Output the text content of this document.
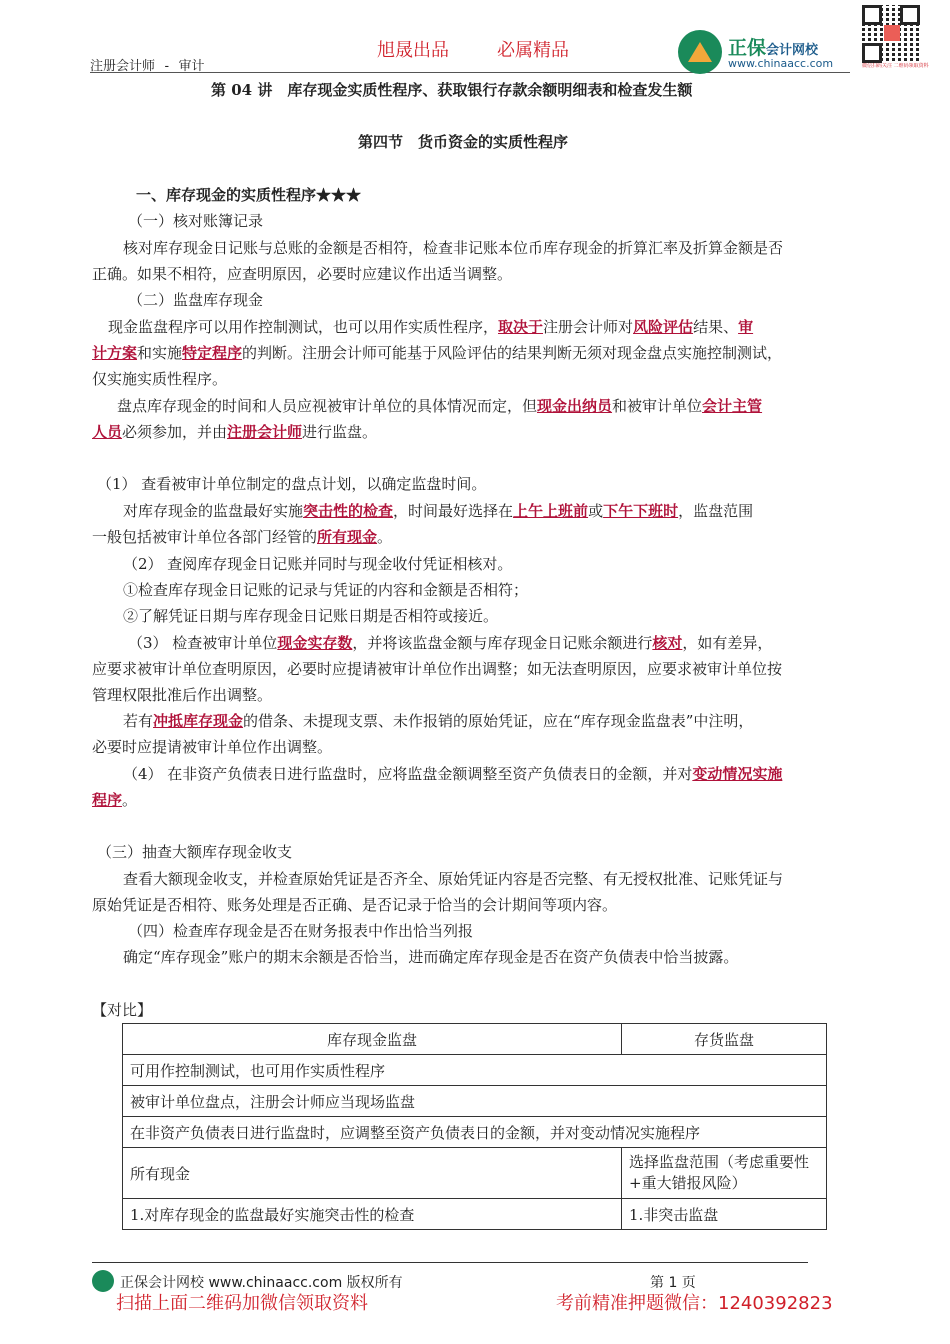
旭晟出品	必属精品
注册会计师 - 审计
正保会计网校
www.chinaacc.com	微信扫码关注 二维码领取资料
第 04 讲　库存现金实质性程序、获取银行存款余额明细表和检查发生额
第四节　货币资金的实质性程序
一、库存现金的实质性程序★★★
（一）核对账簿记录
核对库存现金日记账与总账的金额是否相符，检查非记账本位币库存现金的折算汇率及折算金额是否
正确。如果不相符，应查明原因，必要时应建议作出适当调整。
（二）监盘库存现金
现金监盘程序可以用作控制测试，也可以用作实质性程序，取决于注册会计师对风险评估结果、审
计方案和实施特定程序的判断。注册会计师可能基于风险评估的结果判断无须对现金盘点实施控制测试，
仅实施实质性程序。
盘点库存现金的时间和人员应视被审计单位的具体情况而定，但现金出纳员和被审计单位会计主管
人员必须参加，并由注册会计师进行监盘。
（1） 查看被审计单位制定的盘点计划，以确定监盘时间。
对库存现金的监盘最好实施突击性的检查，时间最好选择在上午上班前或下午下班时，监盘范围
一般包括被审计单位各部门经管的所有现金。
（2） 查阅库存现金日记账并同时与现金收付凭证相核对。
①检查库存现金日记账的记录与凭证的内容和金额是否相符；
②了解凭证日期与库存现金日记账日期是否相符或接近。
（3） 检查被审计单位现金实存数，并将该监盘金额与库存现金日记账余额进行核对，如有差异，
应要求被审计单位查明原因，必要时应提请被审计单位作出调整；如无法查明原因，应要求被审计单位按
管理权限批准后作出调整。
若有冲抵库存现金的借条、未提现支票、未作报销的原始凭证，应在“库存现金监盘表”中注明，
必要时应提请被审计单位作出调整。
（4） 在非资产负债表日进行监盘时，应将监盘金额调整至资产负债表日的金额，并对变动情况实施
程序。
（三）抽查大额库存现金收支
查看大额现金收支，并检查原始凭证是否齐全、原始凭证内容是否完整、有无授权批准、记账凭证与
原始凭证是否相符、账务处理是否正确、是否记录于恰当的会计期间等项内容。
（四）检查库存现金是否在财务报表中作出恰当列报
确定“库存现金”账户的期末余额是否恰当，进而确定库存现金是否在资产负债表中恰当披露。
【对比】
库存现金监盘	存货监盘
可用作控制测试，也可用作实质性程序	
被审计单位盘点，注册会计师应当现场监盘	
在非资产负债表日进行监盘时，应调整至资产负债表日的金额，并对变动情况实施程序	
所有现金	选择监盘范围（考虑重要性+重大错报风险）
1.对库存现金的监盘最好实施突击性的检查	1.非突击监盘
正保会计网校 www.chinaacc.com 版权所有	第 1 页
扫描上面二维码加微信领取资料	考前精准押题微信：1240392823
